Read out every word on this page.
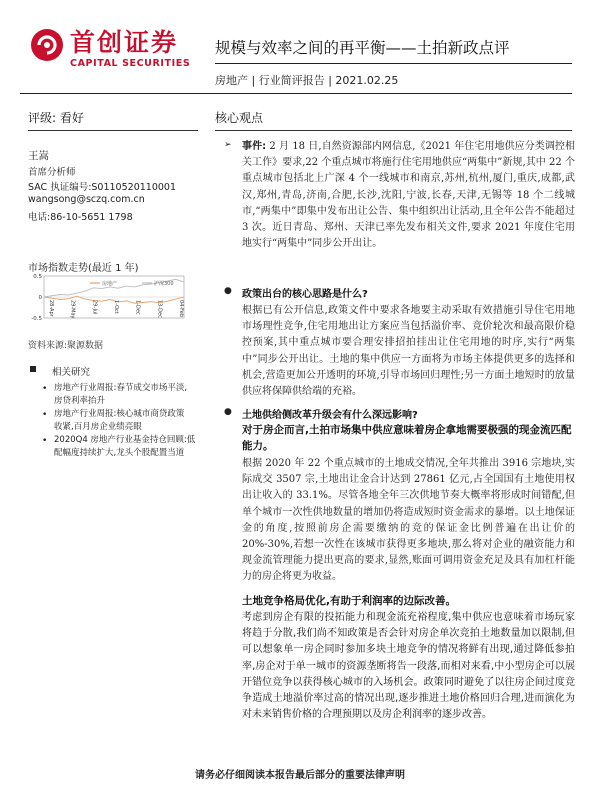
首创证券
CAPITAL SECURITIES
规模与效率之间的再平衡——土拍新政点评
房地产 | 行业简评报告 | 2021.02.25
评级: 看好
王嵩
首席分析师
SAC 执证编号:S0110520110001
wangsong@sczq.com.cn
电话:86-10-5651 1798
市场指数走势(最近 1 年)
0.5
0
-0.5
房地产	沪深300
28-Apr	29-May	29-Jul	1-Oct	1-Dec	13-Dec	04-Feb
资料来源:聚源数据
相关研究
• 房地产行业周报:春节成交市场平淡,
房贷利率抬升
• 房地产行业周报:核心城市商贷政策
收紧,百月房企业绩亮眼
• 2020Q4 房地产行业基金持仓回顾:低
配幅度持续扩大,龙头个股配置当道
核心观点
➢ 事件: 2 月 18 日,自然资源部内网信息,《2021 年住宅用地供应分类调控相关工作》要求,22 个重点城市将施行住宅用地供应“两集中”新规,其中 22 个重点城市包括北上广深 4 个一线城市和南京,苏州,杭州,厦门,重庆,成都,武汉,郑州,青岛,济南,合肥,长沙,沈阳,宁波,长春,天津,无锡等 18 个二线城市,“两集中”即集中发布出让公告、集中组织出让活动,且全年公告不能超过 3 次。近日青岛、郑州、天津已率先发布相关文件,要求 2021 年度住宅用地实行“两集中”同步公开出让。
● 政策出台的核心思路是什么?
根据已有公开信息,政策文件中要求各地要主动采取有效措施引导住宅用地市场理性竞争,住宅用地出让方案应当包括溢价率、竞价轮次和最高限价稳控预案,其中重点城市要合理安排招拍挂出让住宅用地的时序,实行“两集中”同步公开出让。土地的集中供应一方面将为市场主体提供更多的选择和机会,营造更加公开透明的环境,引导市场回归理性;另一方面土地短时的放量供应将保障供给端的充裕。
● 土地供给侧改革升级会有什么深远影响?
对于房企而言,土拍市场集中供应意味着房企拿地需要极强的现金流匹配能力。
根据 2020 年 22 个重点城市的土地成交情况,全年共推出 3916 宗地块,实际成交 3507 宗,土地出让金合计达到 27861 亿元,占全国国有土地使用权出让收入的 33.1%。尽管各地全年三次供地节奏大概率将形成时间错配,但单个城市一次性供地数量的增加仍将造成短时资金需求的暴增。以土地保证金的角度,按照前房企需要缴纳的竞的保证金比例普遍在出让价的 20%-30%,若想一次性在该城市获得更多地块,那么将对企业的融资能力和现金流管理能力提出更高的要求,显然,账面可调用资金充足及具有加杠杆能力的房企将更为收益。
土地竞争格局优化,有助于利润率的边际改善。
考虑到房企有限的投拓能力和现金流充裕程度,集中供应也意味着市场玩家将趋于分散,我们尚不知政策是否会针对房企单次竞拍土地数量加以限制,但可以想象单一房企同时参加多块土地竞争的情况将鲜有出现,通过降低参拍率,房企对于单一城市的资源垄断将告一段落,而相对来看,中小型房企可以展开错位竞争以获得核心城市的入场机会。政策同时避免了以往房企间过度竞争造成土地溢价率过高的情况出现,逐步推进土地价格回归合理,进而演化为对未来销售价格的合理预期以及房企利润率的逐步改善。
请务必仔细阅读本报告最后部分的重要法律声明
